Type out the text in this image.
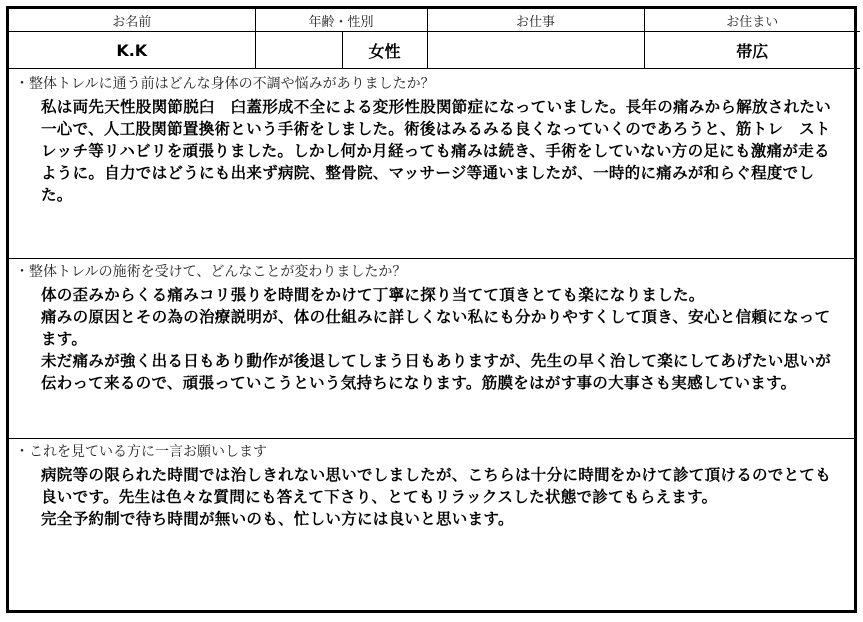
お名前	年齢・性別		お仕事	お住まい
K.K		女性		帯広
・整体トレルに通う前はどんな身体の不調や悩みがありましたか？

私は両先天性股関節脱臼　臼蓋形成不全による変形性股関節症になっていました。長年の痛みから解放されたい一心で、人工股関節置換術という手術をしました。術後はみるみる良くなっていくのであろうと、筋トレ　ストレッチ等リハビリを頑張りました。しかし何か月経っても痛みは続き、手術をしていない方の足にも激痛が走るように。自力ではどうにも出来ず病院、整骨院、マッサージ等通いましたが、一時的に痛みが和らぐ程度でした。

・整体トレルの施術を受けて、どんなことが変わりましたか？

体の歪みからくる痛みコリ張りを時間をかけて丁寧に探り当てて頂きとても楽になりました。

痛みの原因とその為の治療説明が、体の仕組みに詳しくない私にも分かりやすくして頂き、安心と信頼になってます。

未だ痛みが強く出る日もあり動作が後退してしまう日もありますが、先生の早く治して楽にしてあげたい思いが伝わって来るので、頑張っていこうという気持ちになります。筋膜をはがす事の大事さも実感しています。

・これを見ている方に一言お願いします

病院等の限られた時間では治しきれない思いでしましたが、こちらは十分に時間をかけて診て頂けるのでとても良いです。先生は色々な質問にも答えて下さり、とてもリラックスした状態で診てもらえます。

完全予約制で待ち時間が無いのも、忙しい方には良いと思います。
